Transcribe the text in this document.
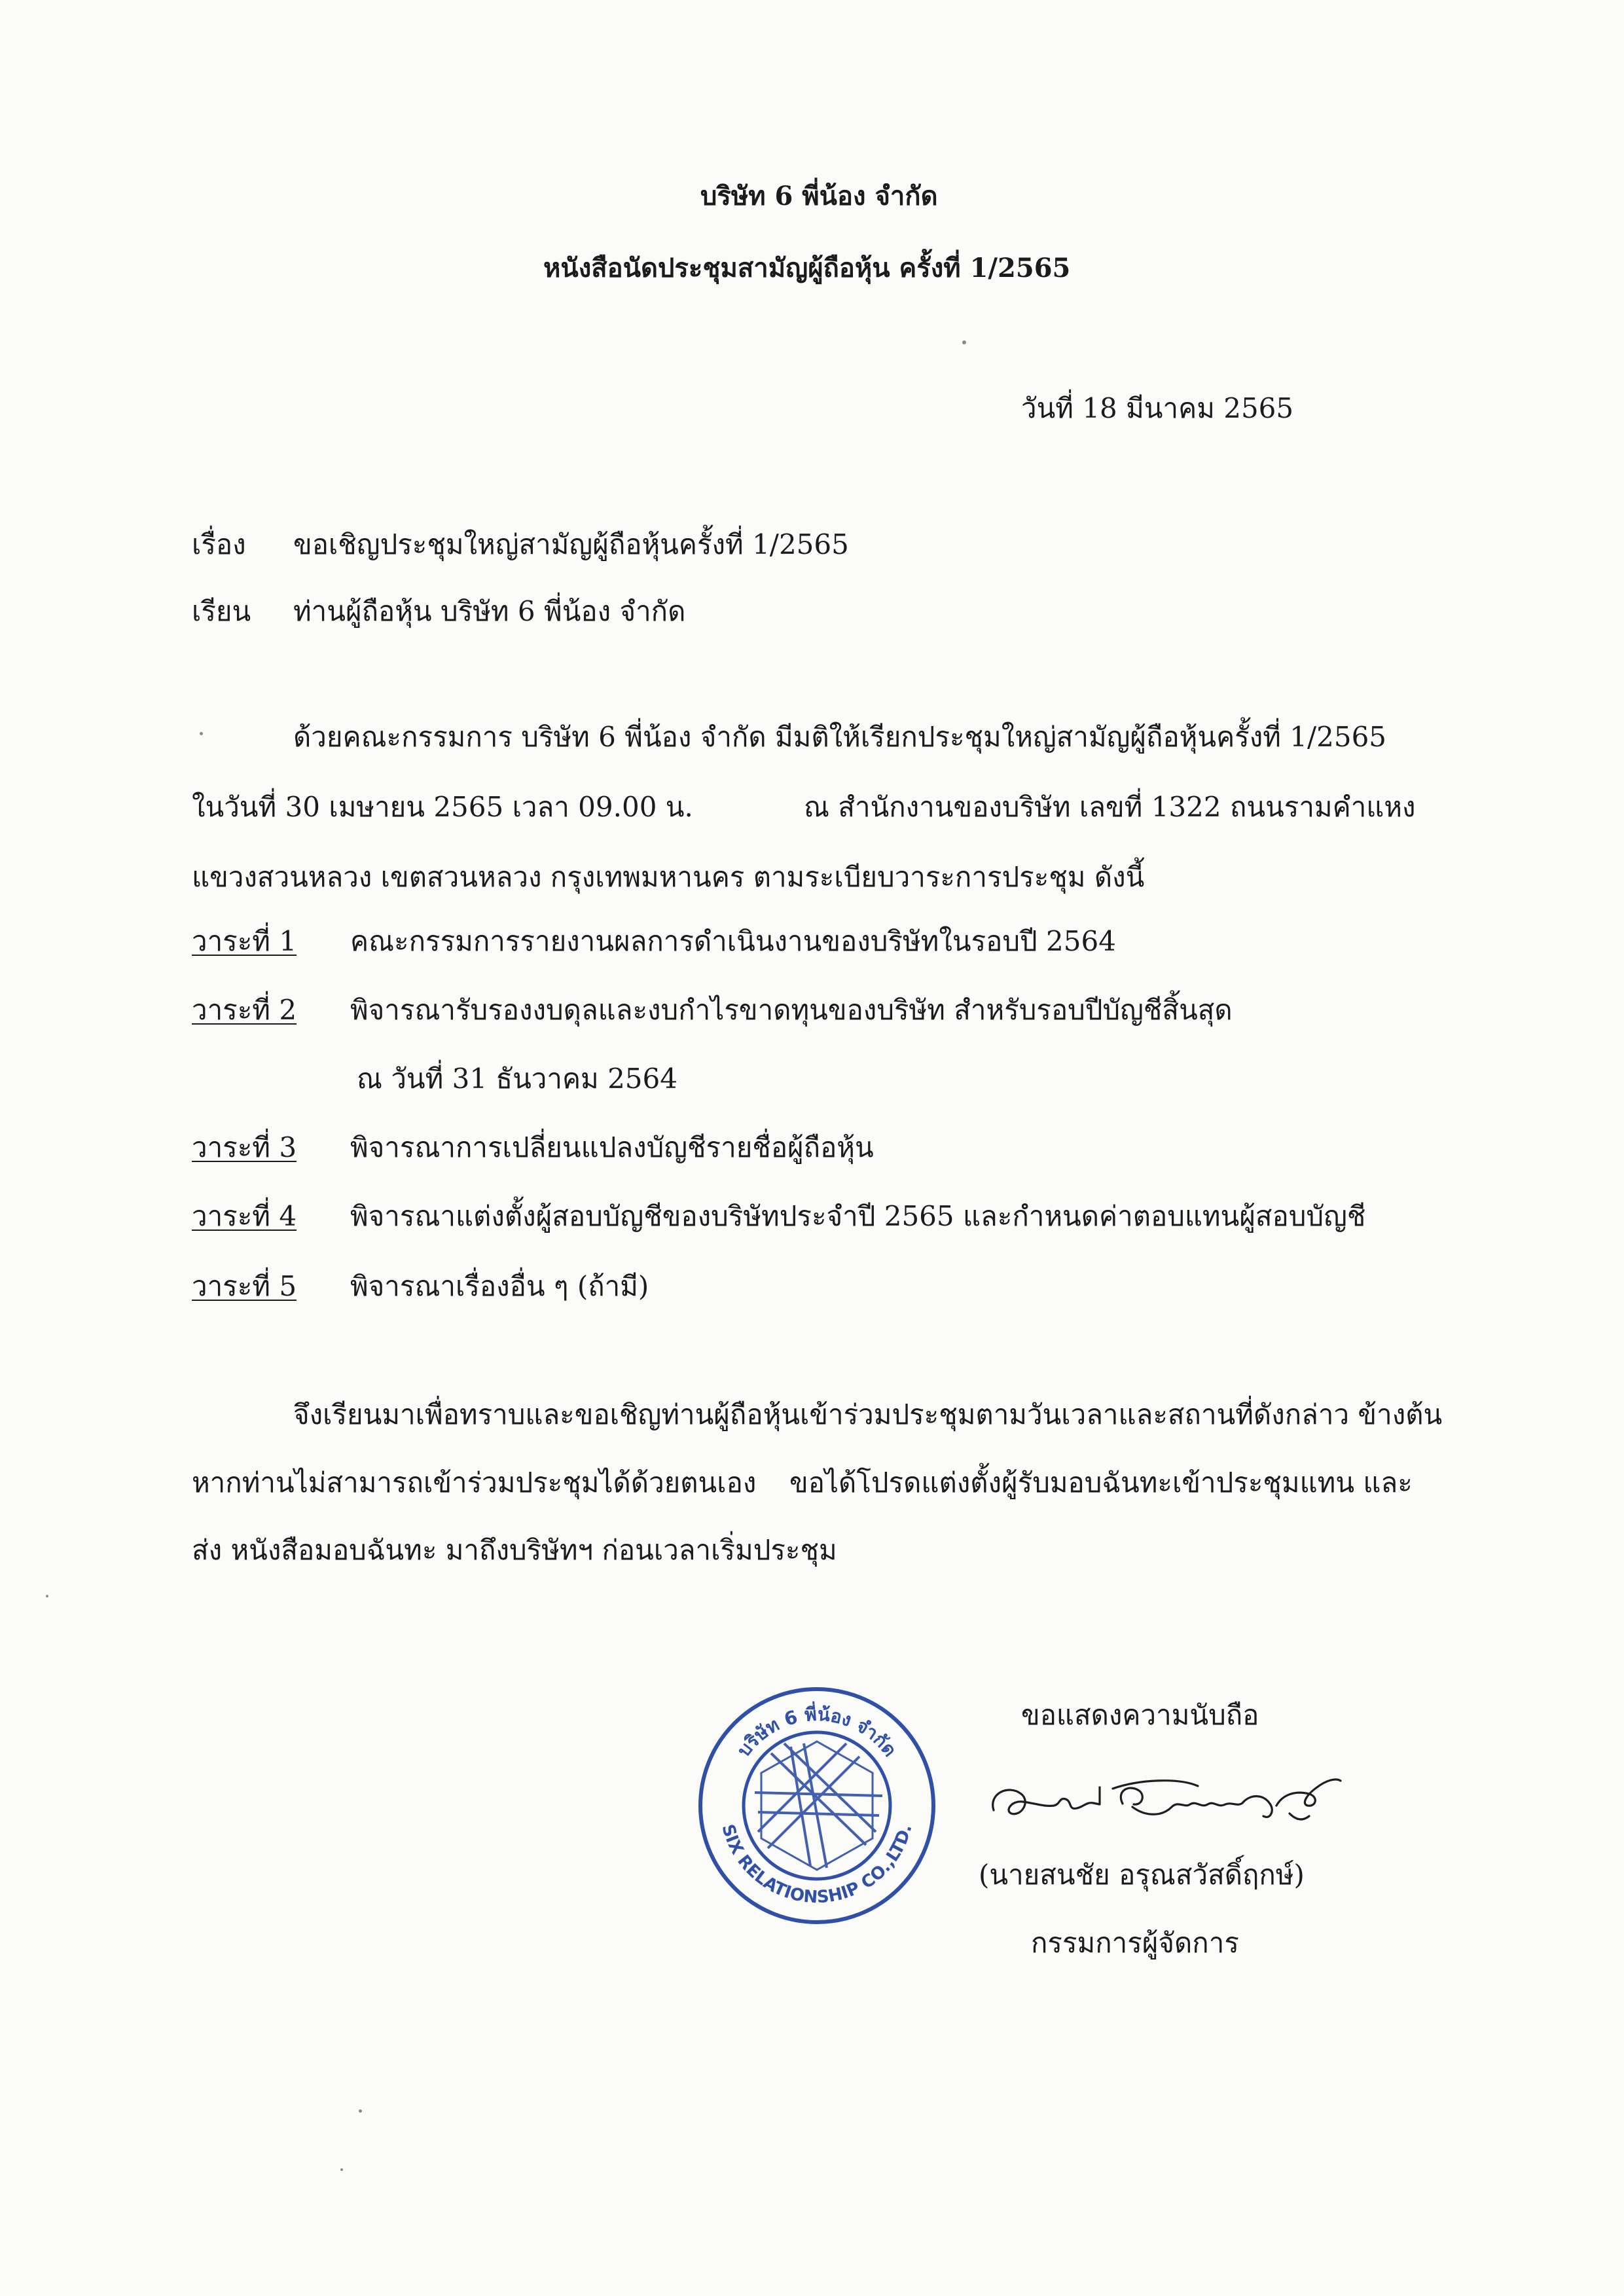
บริษัท 6 พี่น้อง จำกัด
หนังสือนัดประชุมสามัญผู้ถือหุ้น ครั้งที่ 1/2565
วันที่ 18 มีนาคม 2565
เรื่อง ขอเชิญประชุมใหญ่สามัญผู้ถือหุ้นครั้งที่ 1/2565
เรียน ท่านผู้ถือหุ้น บริษัท 6 พี่น้อง จำกัด
ด้วยคณะกรรมการ บริษัท 6 พี่น้อง จำกัด มีมติให้เรียกประชุมใหญ่สามัญผู้ถือหุ้นครั้งที่ 1/2565
ในวันที่ 30 เมษายน 2565 เวลา 09.00 น.	ณ สำนักงานของบริษัท เลขที่ 1322 ถนนรามคำแหง
แขวงสวนหลวง เขตสวนหลวง กรุงเทพมหานคร ตามระเบียบวาระการประชุม ดังนี้
วาระที่ 1 คณะกรรมการรายงานผลการดำเนินงานของบริษัทในรอบปี 2564
วาระที่ 2 พิจารณารับรองงบดุลและงบกำไรขาดทุนของบริษัท สำหรับรอบปีบัญชีสิ้นสุด
ณ วันที่ 31 ธันวาคม 2564
วาระที่ 3 พิจารณาการเปลี่ยนแปลงบัญชีรายชื่อผู้ถือหุ้น
วาระที่ 4 พิจารณาแต่งตั้งผู้สอบบัญชีของบริษัทประจำปี 2565 และกำหนดค่าตอบแทนผู้สอบบัญชี
วาระที่ 5 พิจารณาเรื่องอื่น ๆ (ถ้ามี)
จึงเรียนมาเพื่อทราบและขอเชิญท่านผู้ถือหุ้นเข้าร่วมประชุมตามวันเวลาและสถานที่ดังกล่าว ข้างต้น
หากท่านไม่สามารถเข้าร่วมประชุมได้ด้วยตนเอง ขอได้โปรดแต่งตั้งผู้รับมอบฉันทะเข้าประชุมแทน และ
ส่ง หนังสือมอบฉันทะ มาถึงบริษัทฯ ก่อนเวลาเริ่มประชุม
ขอแสดงความนับถือ
บริษัท 6 พี่น้อง จำกัด
SIX RELATIONSHIP CO.,LTD.
(นายสนชัย อรุณสวัสดิ์ฤกษ์)
กรรมการผู้จัดการ
